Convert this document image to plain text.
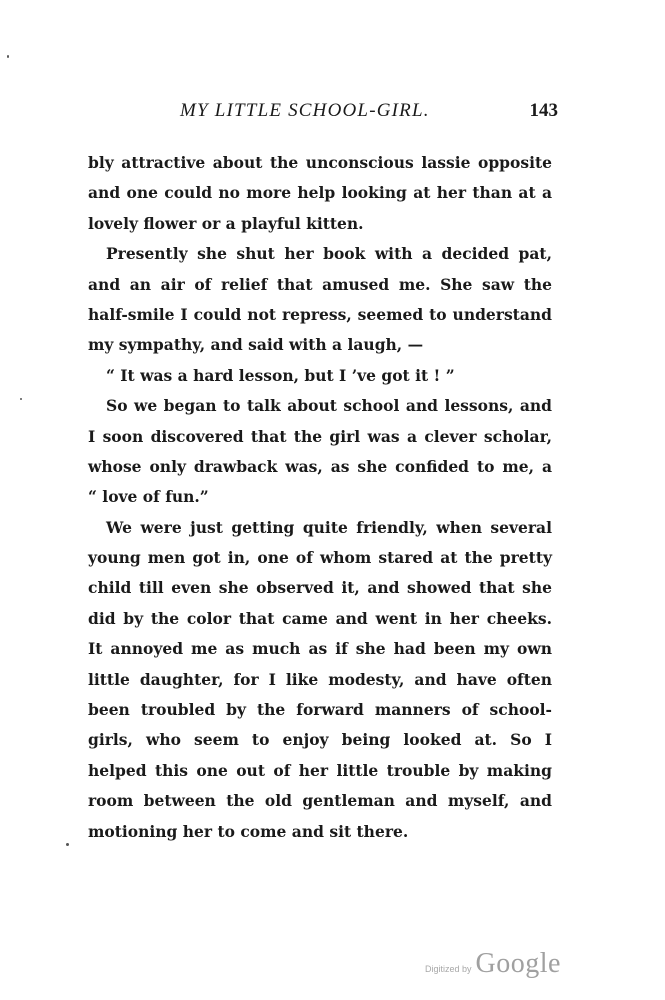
MY LITTLE SCHOOL-GIRL.	143
bly attractive about the unconscious lassie opposite
and one could no more help looking at her than at a
lovely flower or a playful kitten.
Presently she shut her book with a decided pat,
and an air of relief that amused me. She saw the
half-smile I could not repress, seemed to understand
my sympathy, and said with a laugh, —
“ It was a hard lesson, but I ’ve got it ! ”
So we began to talk about school and lessons, and
I soon discovered that the girl was a clever scholar,
whose only drawback was, as she confided to me, a
“ love of fun.”
We were just getting quite friendly, when several
young men got in, one of whom stared at the pretty
child till even she observed it, and showed that she
did by the color that came and went in her cheeks.
It annoyed me as much as if she had been my own
little daughter, for I like modesty, and have often
been troubled by the forward manners of school-
girls, who seem to enjoy being looked at. So I
helped this one out of her little trouble by making
room between the old gentleman and myself, and
motioning her to come and sit there.
Digitized by Google
